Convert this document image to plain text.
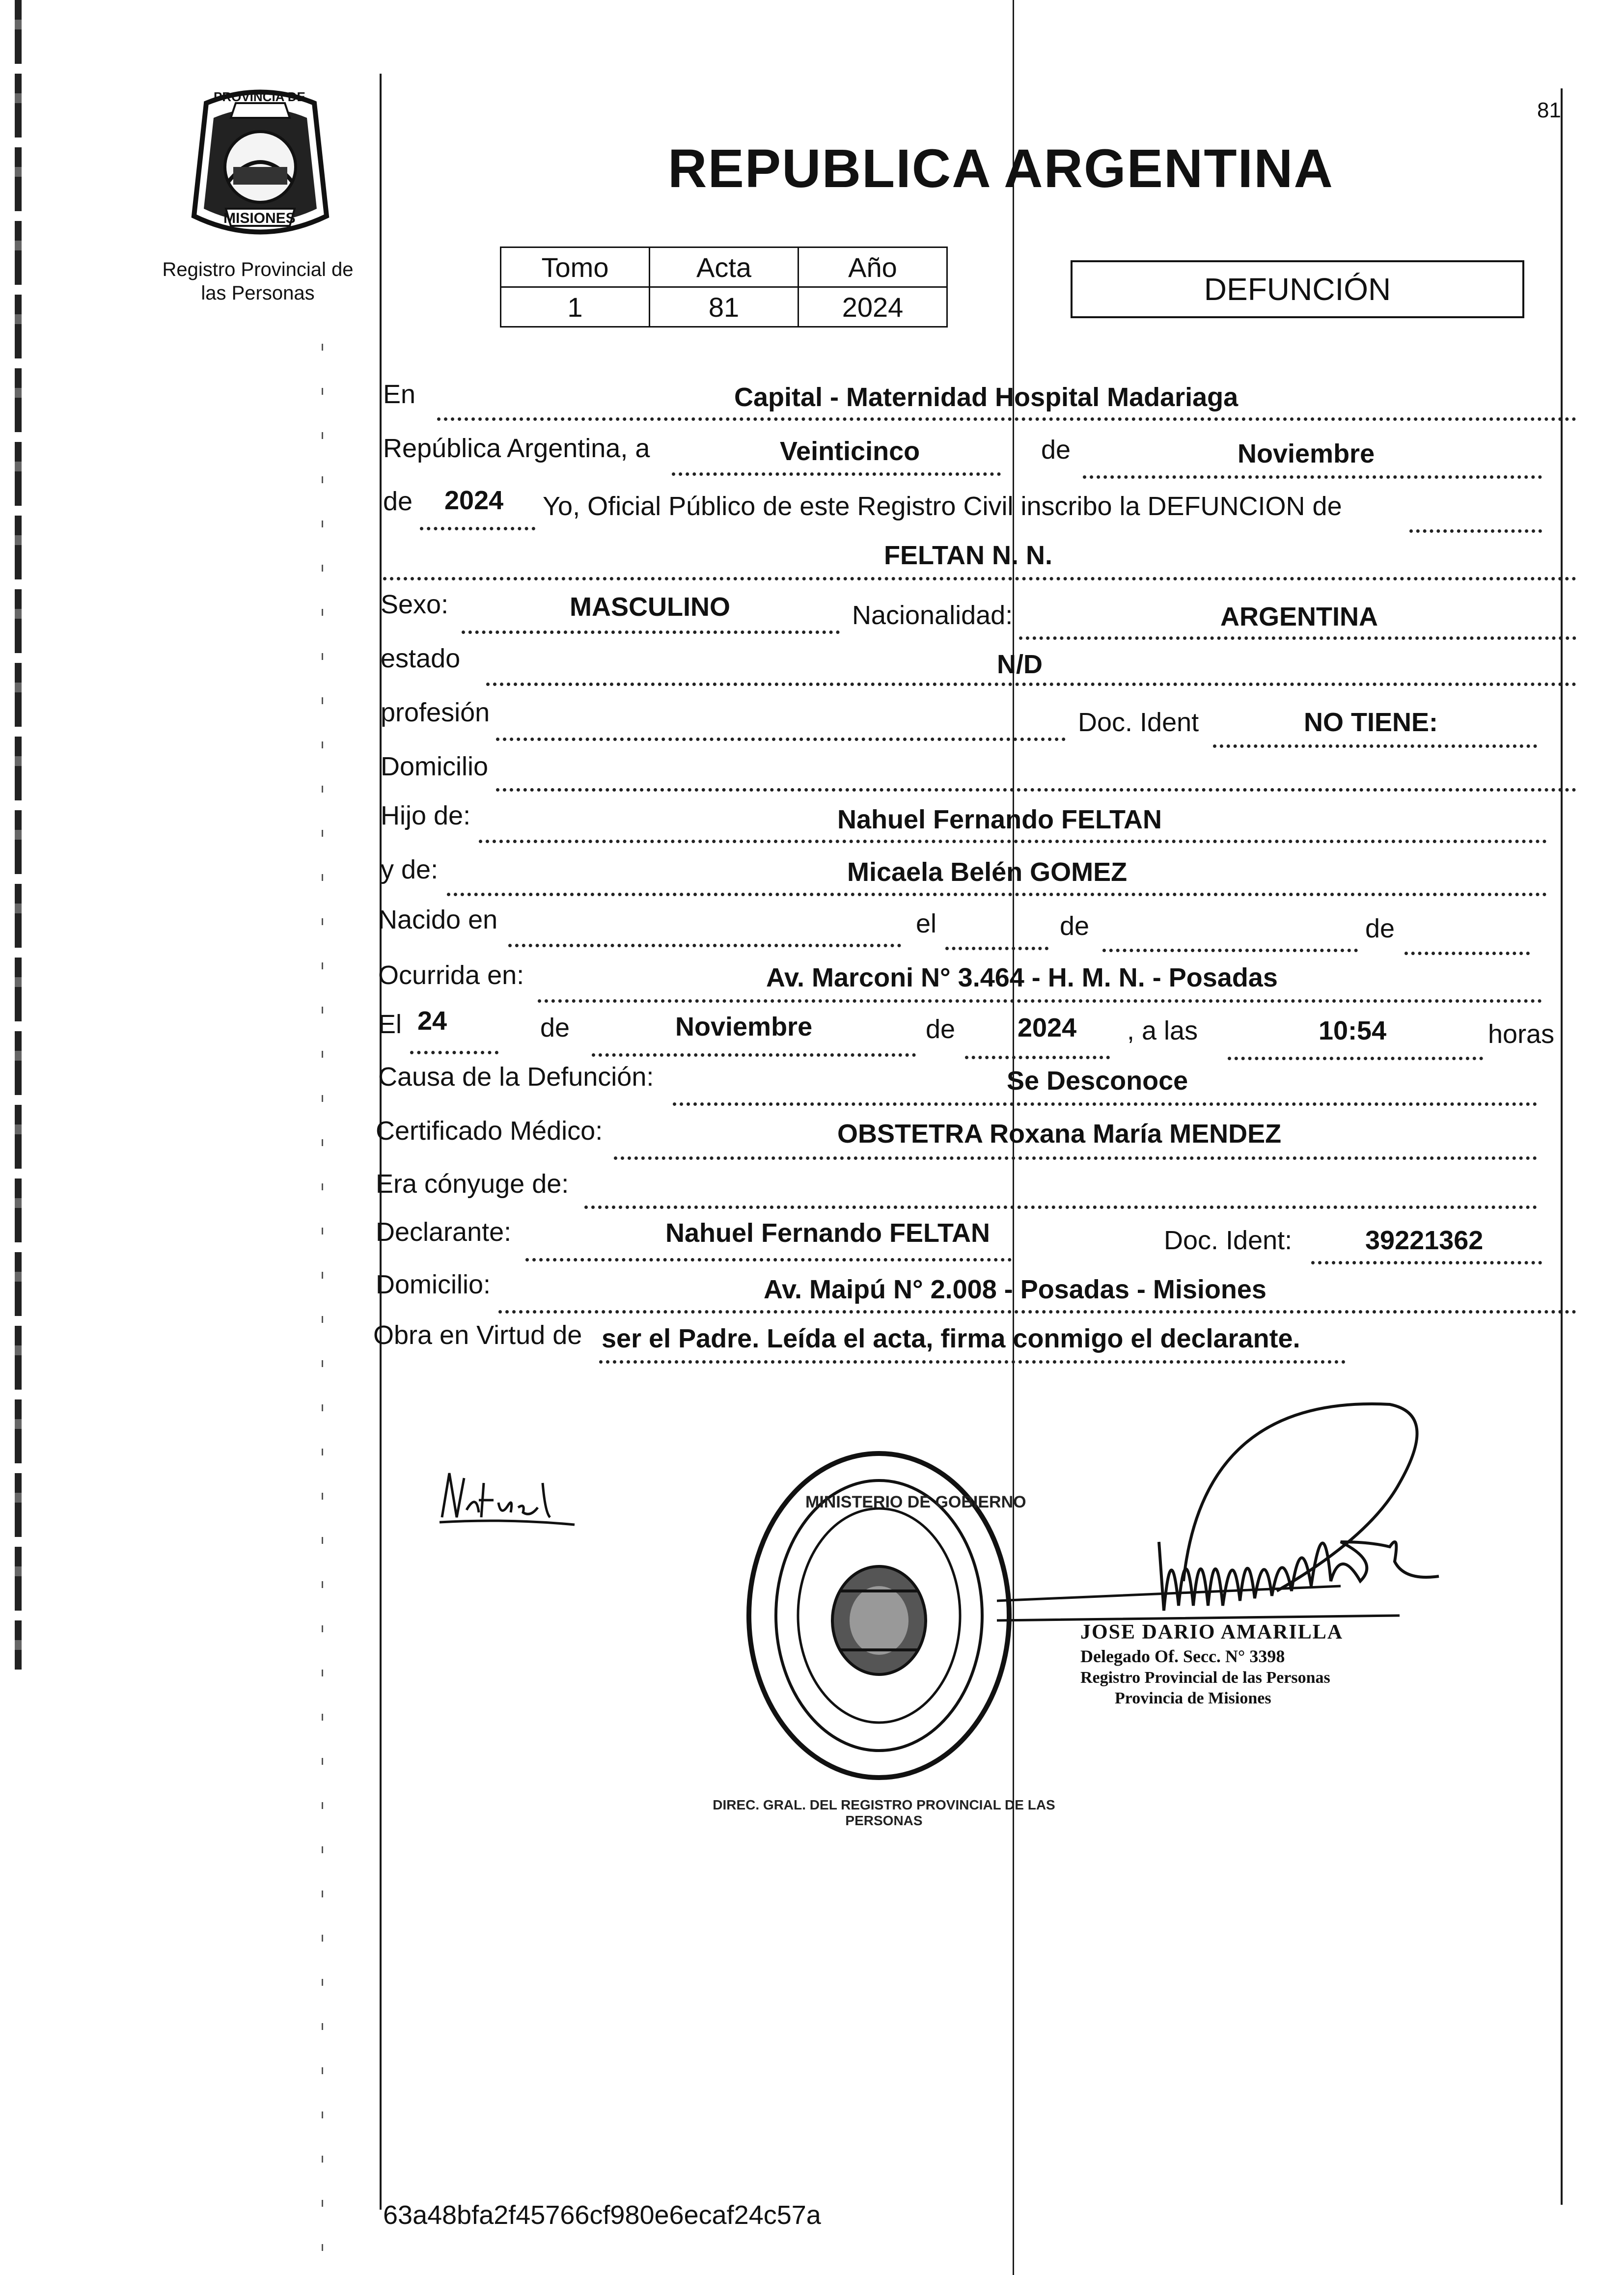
PROVINCIA DE
MISIONES
Registro Provincial de
las Personas
81
REPUBLICA ARGENTINA
Tomo	Acta	Año
1	81	2024	DEFUNCIÓN
En	Capital - Maternidad Hospital Madariaga
República Argentina, a	Veinticinco	de	Noviembre
de 2024 Yo, Oficial Público de este Registro Civil inscribo la DEFUNCION de
FELTAN N. N.
Sexo:	MASCULINO	Nacionalidad:	ARGENTINA
estado	N/D
profesión	Doc. Ident	NO TIENE:
Domicilio
Hijo de:	Nahuel Fernando FELTAN
y de:	Micaela Belén GOMEZ
Nacido en	el	de	de
Ocurrida en:	Av. Marconi N° 3.464 - H. M. N. - Posadas
El 24	de	Noviembre	de 2024 , a las	10:54	horas
Causa de la Defunción:	Se Desconoce
Certificado Médico:	OBSTETRA Roxana María MENDEZ
Era cónyuge de:
Declarante:	Nahuel Fernando FELTAN	Doc. Ident:	39221362
Domicilio:	Av. Maipú N° 2.008 - Posadas - Misiones
Obra en Virtud de ser el Padre. Leída el acta, firma conmigo el declarante.
DIREC. GRAL. DEL REGISTRO PROVINCIAL DE LAS PERSONAS
MINISTERIO DE GOBIERNO
JOSE DARIO AMARILLA
Delegado Of. Secc. N° 3398
Registro Provincial de las Personas
Provincia de Misiones
63a48bfa2f45766cf980e6ecaf24c57a
